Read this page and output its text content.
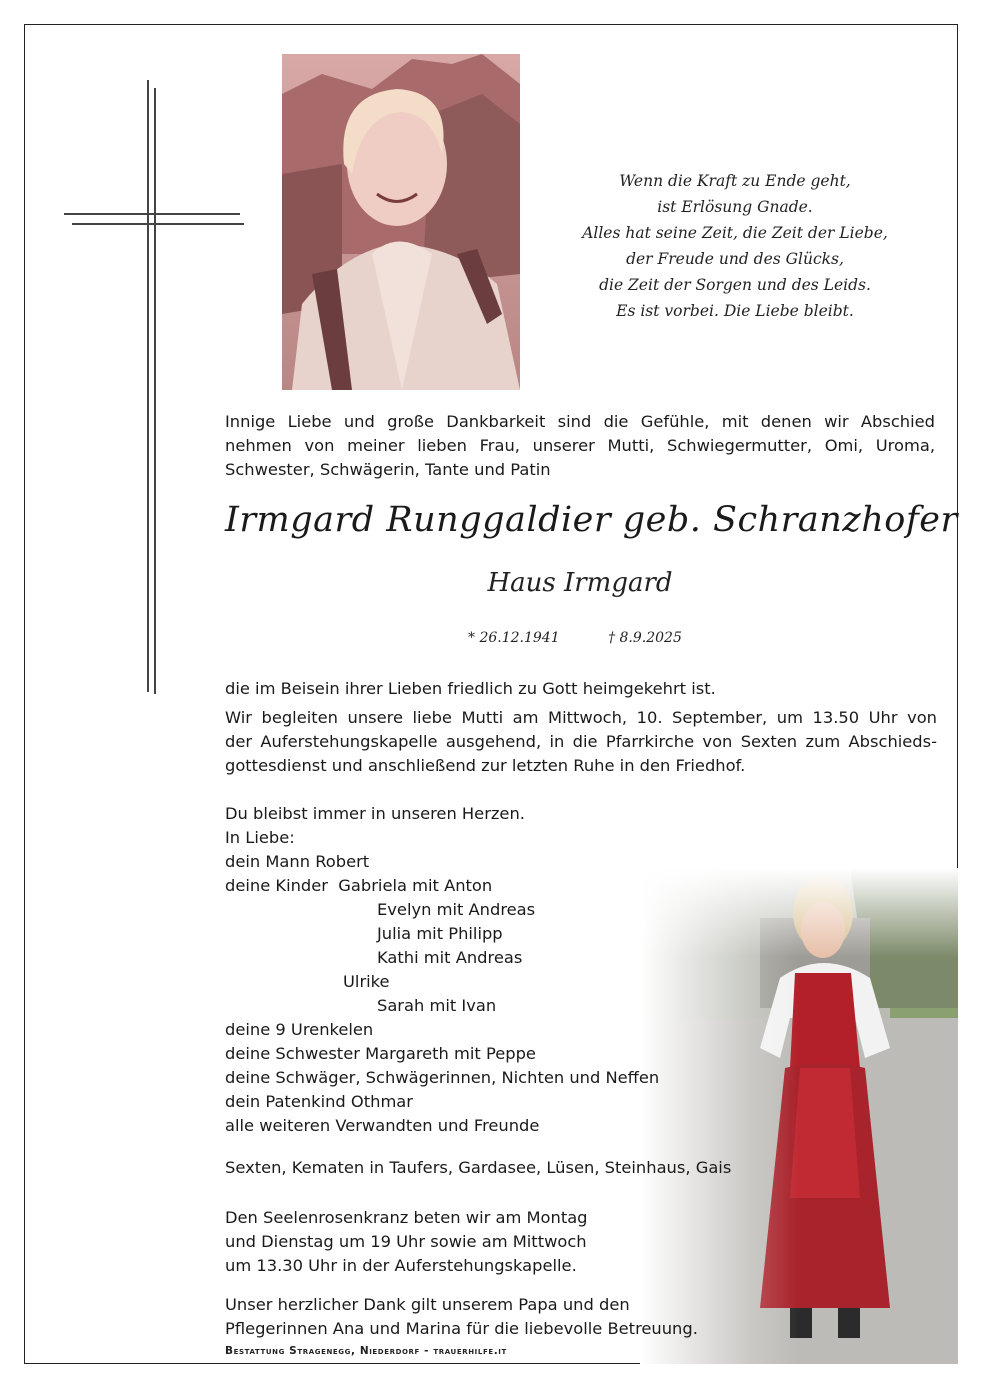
Wenn die Kraft zu Ende geht,
ist Erlösung Gnade.
Alles hat seine Zeit, die Zeit der Liebe,
der Freude und des Glücks,
die Zeit der Sorgen und des Leids.
Es ist vorbei. Die Liebe bleibt.
Innige Liebe und große Dankbarkeit sind die Gefühle, mit denen wir Abschied
nehmen von meiner lieben Frau, unserer Mutti, Schwiegermutter, Omi, Uroma,
Schwester, Schwägerin, Tante und Patin
Irmgard Runggaldier geb. Schranzhofer
Haus Irmgard
* 26.12.1941	† 8.9.2025
die im Beisein ihrer Lieben friedlich zu Gott heimgekehrt ist.
Wir begleiten unsere liebe Mutti am Mittwoch, 10. September, um 13.50 Uhr von
der Auferstehungskapelle ausgehend, in die Pfarrkirche von Sexten zum Abschieds-
gottesdienst und anschließend zur letzten Ruhe in den Friedhof.
Du bleibst immer in unseren Herzen.
In Liebe:
dein Mann Robert
deine Kinder  Gabriela mit Anton
Evelyn mit Andreas
Julia mit Philipp
Kathi mit Andreas
Ulrike
Sarah mit Ivan
deine 9 Urenkelen
deine Schwester Margareth mit Peppe
deine Schwäger, Schwägerinnen, Nichten und Neffen
dein Patenkind Othmar
alle weiteren Verwandten und Freunde
Sexten, Kematen in Taufers, Gardasee, Lüsen, Steinhaus, Gais
Den Seelenrosenkranz beten wir am Montag
und Dienstag um 19 Uhr sowie am Mittwoch
um 13.30 Uhr in der Auferstehungskapelle.
Unser herzlicher Dank gilt unserem Papa und den
Pflegerinnen Ana und Marina für die liebevolle Betreuung.
Bestattung Stragenegg, Niederdorf - trauerhilfe.it
